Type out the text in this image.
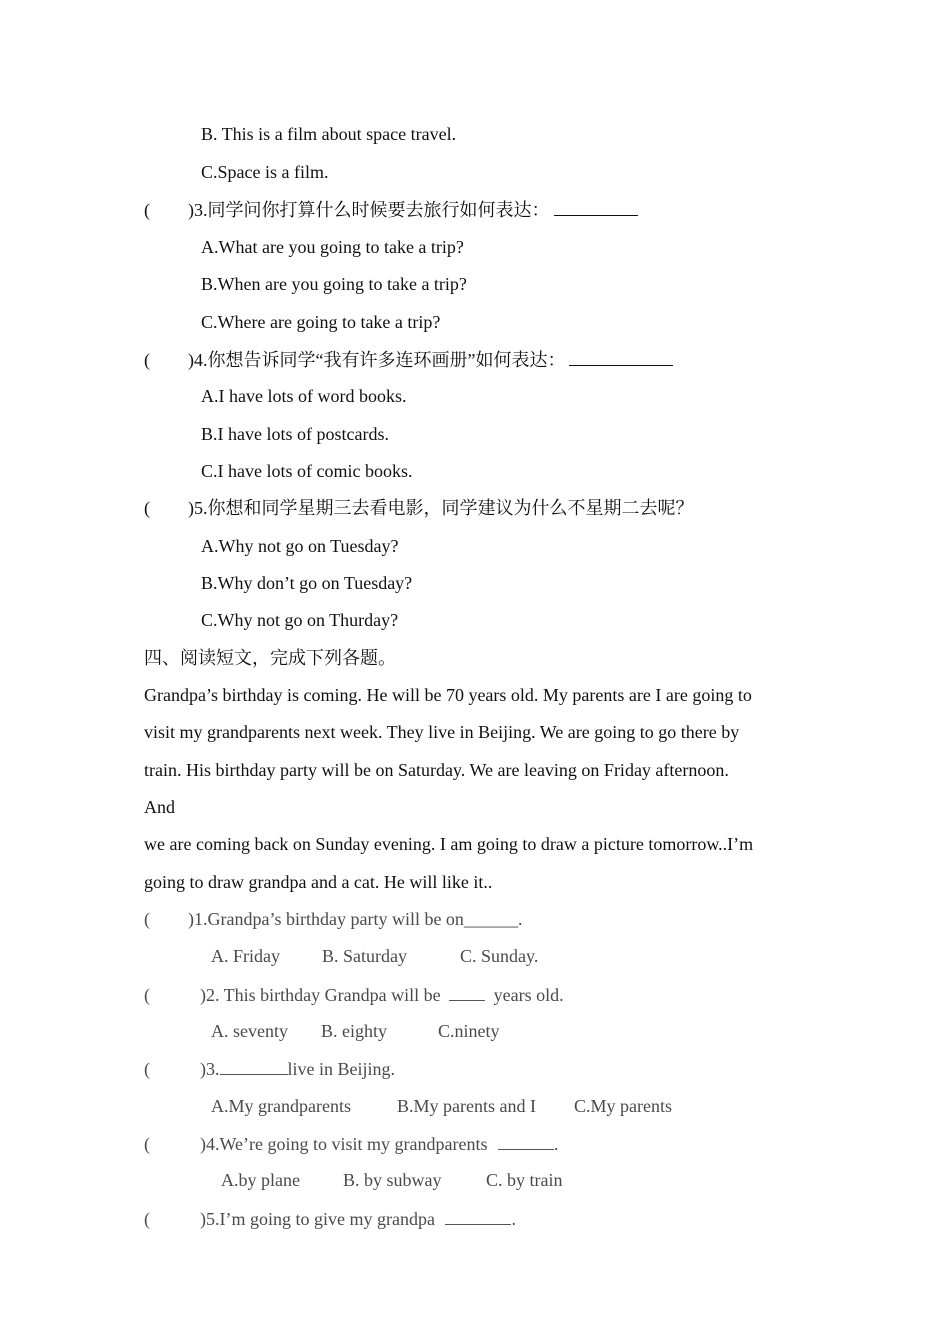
B. This is a film about space travel.
C.Space is a film.
( )3.同学问你打算什么时候要去旅行如何表达：
A.What are you going to take a trip?
B.When are you going to take a trip?
C.Where are going to take a trip?
( )4.你想告诉同学“我有许多连环画册”如何表达：
A.I have lots of word books.
B.I have lots of postcards.
C.I have lots of comic books.
( )5.你想和同学星期三去看电影，同学建议为什么不星期二去呢？
A.Why not go on Tuesday?
B.Why don’t go on Tuesday?
C.Why not go on Thurday?
四、阅读短文，完成下列各题。
Grandpa’s birthday is coming. He will be 70 years old. My parents are I are going to
visit my grandparents next week. They live in Beijing. We are going to go there by
train. His birthday party will be on Saturday. We are leaving on Friday afternoon.
And
we are coming back on Sunday evening. I am going to draw a picture tomorrow..I’m
going to draw grandpa and a cat. He will like it..
( )1.Grandpa’s birthday party will be on______.
A. Friday B. Saturday	C. Sunday.
(	)2. This birthday Grandpa will be  years old.
A. seventy B. eighty	C.ninety
(	)3.	live in Beijing.
A.My grandparents	B.My parents and I C.My parents
(	)4.We’re going to visit my grandparents	.
A.by plane B. by subway C. by train
(	)5.I’m going to give my grandpa	.
